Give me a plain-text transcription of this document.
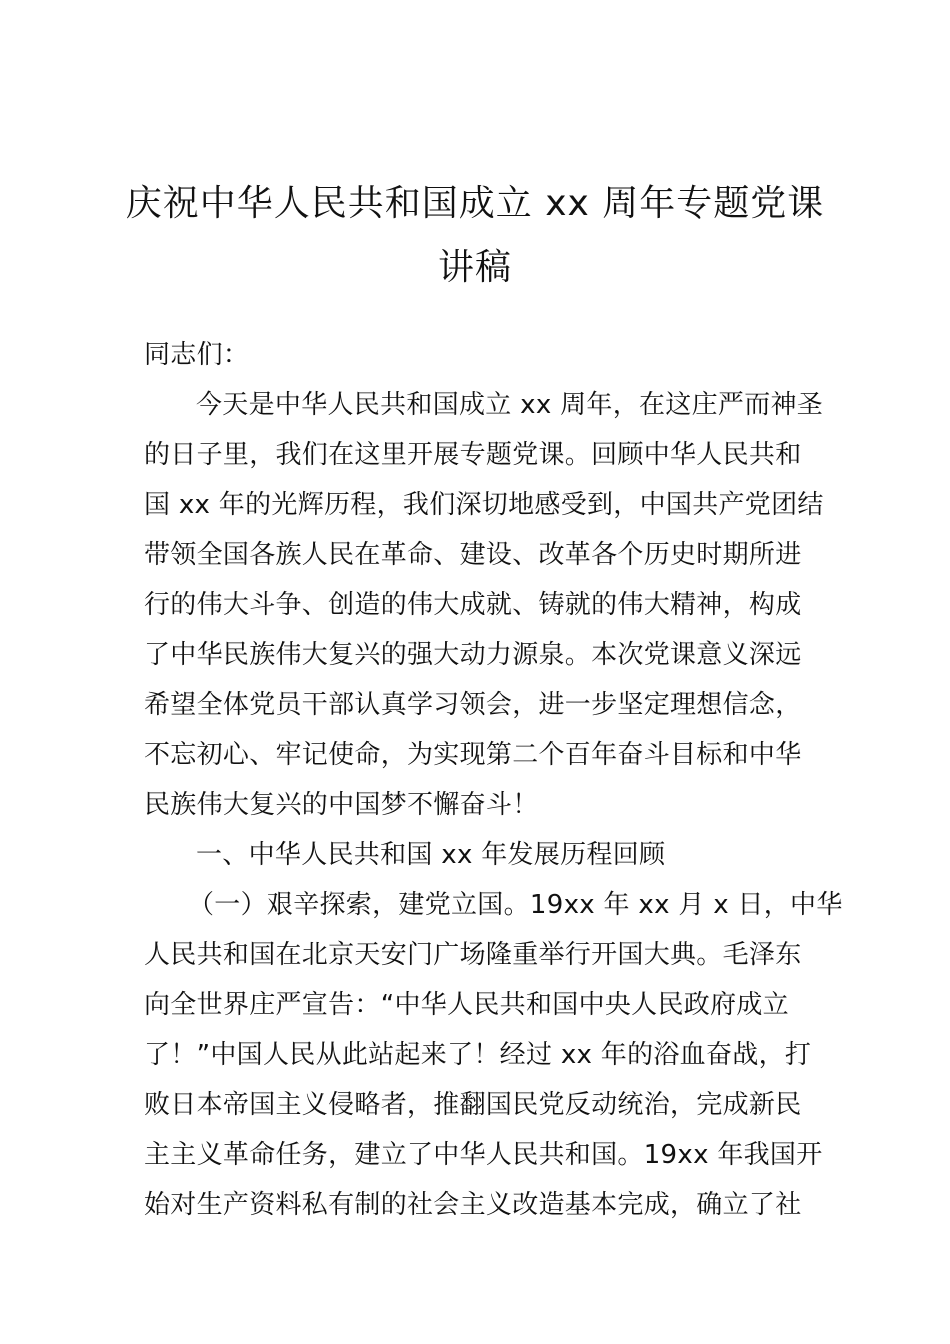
庆祝中华人民共和国成立 xx 周年专题党课
讲稿
同志们：
今天是中华人民共和国成立 xx 周年，在这庄严而神圣
的日子里，我们在这里开展专题党课。回顾中华人民共和
国 xx 年的光辉历程，我们深切地感受到，中国共产党团结
带领全国各族人民在革命、建设、改革各个历史时期所进
行的伟大斗争、创造的伟大成就、铸就的伟大精神，构成
了中华民族伟大复兴的强大动力源泉。本次党课意义深远
希望全体党员干部认真学习领会，进一步坚定理想信念，
不忘初心、牢记使命，为实现第二个百年奋斗目标和中华
民族伟大复兴的中国梦不懈奋斗！
一、中华人民共和国 xx 年发展历程回顾
（一）艰辛探索，建党立国。19xx 年 xx 月 x 日，中华
人民共和国在北京天安门广场隆重举行开国大典。毛泽东
向全世界庄严宣告：“中华人民共和国中央人民政府成立
了！”中国人民从此站起来了！经过 xx 年的浴血奋战，打
败日本帝国主义侵略者，推翻国民党反动统治，完成新民
主主义革命任务，建立了中华人民共和国。19xx 年我国开
始对生产资料私有制的社会主义改造基本完成，确立了社
